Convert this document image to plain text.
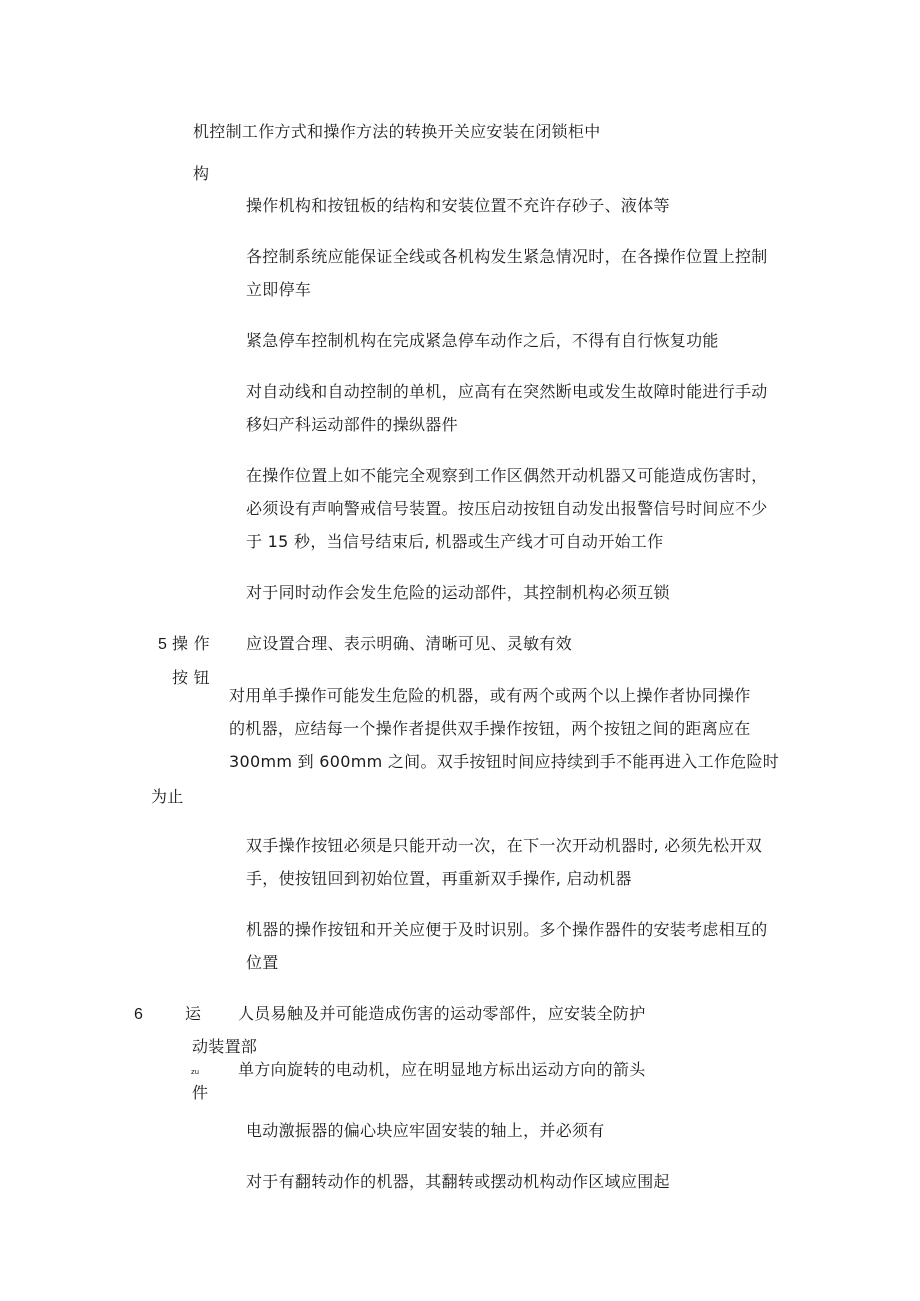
机控制工作方式和操作方法的转换开关应安装在闭锁柜中
构
操作机构和按钮板的结构和安装位置不充许存砂子、液体等
各控制系统应能保证全线或各机构发生紧急情况时，在各操作位置上控制
立即停车
紧急停车控制机构在完成紧急停车动作之后，不得有自行恢复功能
对自动线和自动控制的单机，应高有在突然断电或发生故障时能进行手动
移妇产科运动部件的操纵器件
在操作位置上如不能完全观察到工作区偶然开动机器又可能造成伤害时，
必须设有声响警戒信号装置。按压启动按钮自动发出报警信号时间应不少
于 15 秒，当信号结束后, 机器或生产线才可自动开始工作
对于同时动作会发生危险的运动部件，其控制机构必须互锁
5 操 作 应设置合理、表示明确、清晰可见、灵敏有效
按 钮
对用单手操作可能发生危险的机器，或有两个或两个以上操作者协同操作
的机器，应结每一个操作者提供双手操作按钮，两个按钮之间的距离应在
300mm 到 600mm 之间。双手按钮时间应持续到手不能再进入工作危险时
为止
双手操作按钮必须是只能开动一次，在下一次开动机器时, 必须先松开双
手，使按钮回到初始位置，再重新双手操作, 启动机器
机器的操作按钮和开关应便于及时识别。多个操作器件的安装考虑相互的
位置
6	运 人员易触及并可能造成伤害的运动零部件，应安装全防护
动装置部
zu 单方向旋转的电动机，应在明显地方标出运动方向的箭头
件
电动激振器的偏心块应牢固安装的轴上，并必须有
对于有翻转动作的机器，其翻转或摆动机构动作区域应围起
